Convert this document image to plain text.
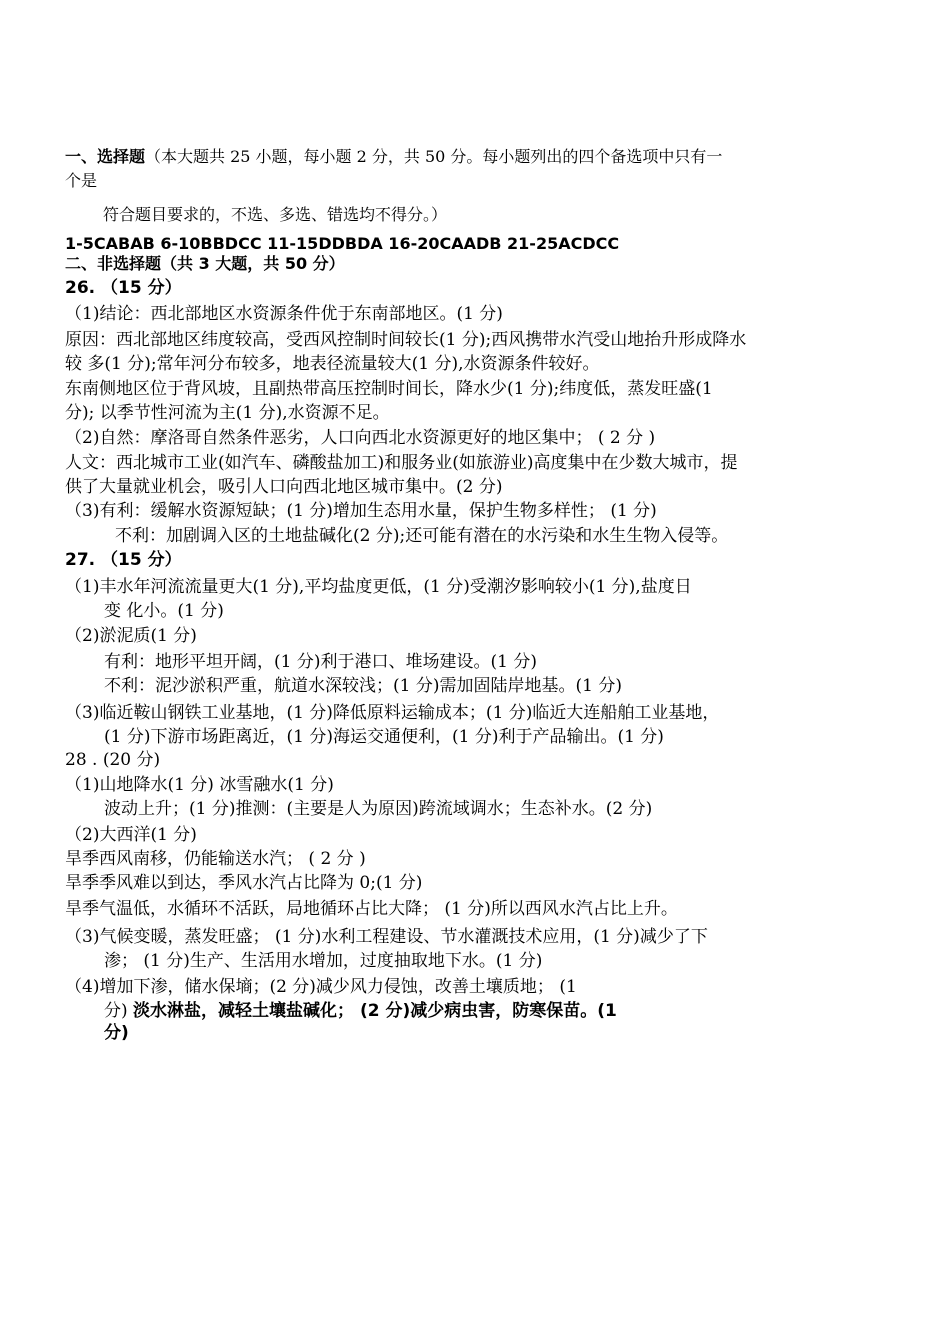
一、选择题（本大题共 25 小题，每小题 2 分，共 50 分。每小题列出的四个备选项中只有一
个是
符合题目要求的，不选、多选、错选均不得分。）
1-5CABAB 6-10BBDCC 11-15DDBDA 16-20CAADB 21-25ACDCC
二、非选择题（共 3 大题，共 50 分）
26. （15 分）
（1)结论：西北部地区水资源条件优于东南部地区。(1 分)
原因：西北部地区纬度较高，受西风控制时间较长(1 分);西风携带水汽受山地抬升形成降水
较 多(1 分);常年河分布较多，地表径流量较大(1 分),水资源条件较好。
东南侧地区位于背风坡，且副热带高压控制时间长，降水少(1 分);纬度低，蒸发旺盛(1
分); 以季节性河流为主(1 分),水资源不足。
（2)自然：摩洛哥自然条件恶劣，人口向西北水资源更好的地区集中； ( 2 分 )
人文：西北城市工业(如汽车、磷酸盐加工)和服务业(如旅游业)高度集中在少数大城市，提
供了大量就业机会，吸引人口向西北地区城市集中。(2 分)
（3)有利：缓解水资源短缺；(1 分)增加生态用水量，保护生物多样性； (1 分)
不利：加剧调入区的土地盐碱化(2 分);还可能有潜在的水污染和水生生物入侵等。
27. （15 分）
（1)丰水年河流流量更大(1 分),平均盐度更低，(1 分)受潮汐影响较小(1 分),盐度日
变 化小。(1 分)
（2)淤泥质(1 分)
有利：地形平坦开阔，(1 分)利于港口、堆场建设。(1 分)
不利：泥沙淤积严重，航道水深较浅；(1 分)需加固陆岸地基。(1 分)
（3)临近鞍山钢铁工业基地，(1 分)降低原料运输成本；(1 分)临近大连船舶工业基地，
(1 分)下游市场距离近，(1 分)海运交通便利，(1 分)利于产品输出。(1 分)
28 . (20 分)
（1)山地降水(1 分) 冰雪融水(1 分)
波动上升；(1 分)推测：(主要是人为原因)跨流域调水；生态补水。(2 分)
（2)大西洋(1 分)
旱季西风南移，仍能输送水汽； ( 2 分 )
旱季季风难以到达，季风水汽占比降为 0;(1 分)
旱季气温低，水循环不活跃，局地循环占比大降； (1 分)所以西风水汽占比上升。
（3)气候变暖，蒸发旺盛； (1 分)水利工程建设、节水灌溉技术应用，(1 分)减少了下
渗； (1 分)生产、生活用水增加，过度抽取地下水。(1 分)
（4)增加下渗，储水保墒；(2 分)减少风力侵蚀，改善土壤质地； (1
分) 淡水淋盐，减轻土壤盐碱化； (2 分)减少病虫害，防寒保苗。(1
分)
